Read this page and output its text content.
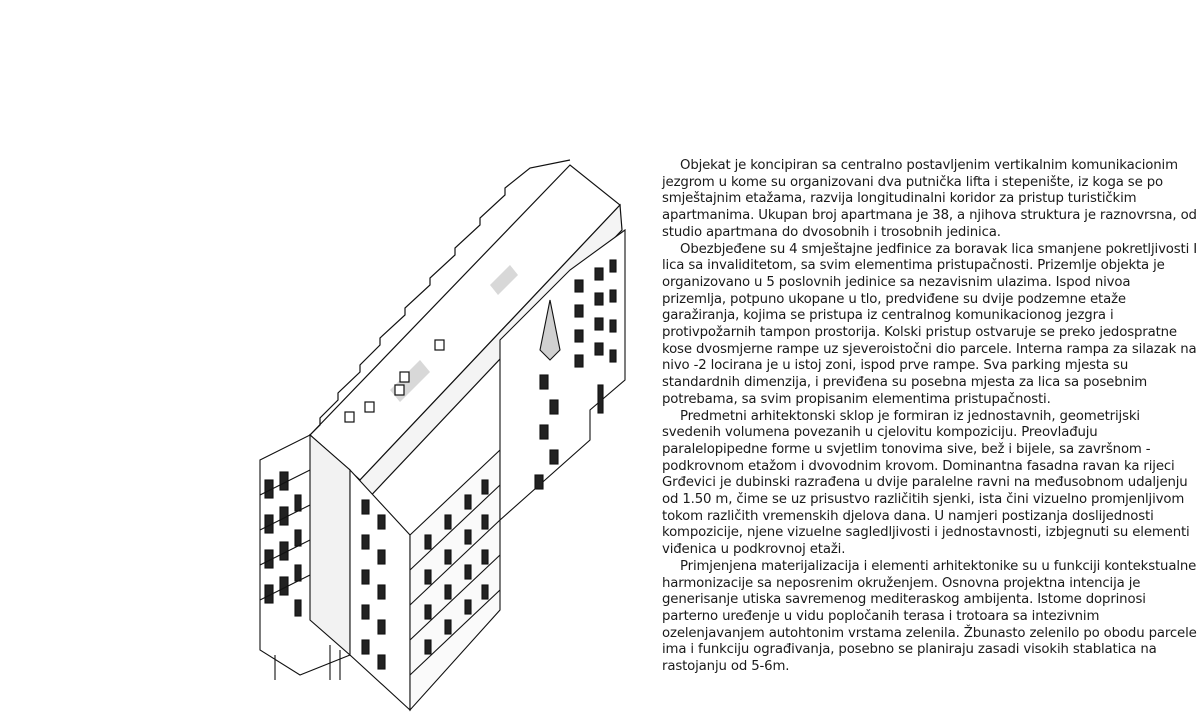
Objekat je koncipiran sa centralno postavljenim vertikalnim komunikacionim jezgrom u kome su organizovani dva putnička lifta i stepenište, iz koga se po smještajnim etažama, razvija longitudinalni koridor za pristup turističkim apartmanima. Ukupan broj apartmana je 38, a njihova struktura je raznovrsna, od studio apartmana do dvosobnih i trosobnih jedinica.

Obezbjeđene su 4 smještajne jedfinice za boravak lica smanjene pokretljivosti I lica sa invaliditetom, sa svim elementima pristupačnosti. Prizemlje objekta je organizovano u 5 poslovnih jedinice sa nezavisnim ulazima. Ispod nivoa prizemlja, potpuno ukopane u tlo, predviđene su dvije podzemne etaže garažiranja, kojima se pristupa iz centralnog komunikacionog jezgra i protivpožarnih tampon prostorija. Kolski pristup ostvaruje se preko jedospratne kose dvosmjerne rampe uz sjeveroistočni dio parcele. Interna rampa za silazak na nivo -2 locirana je u istoj zoni, ispod prve rampe. Sva parking mjesta su standardnih dimenzija, i previđena su posebna mjesta za lica sa posebnim potrebama, sa svim propisanim elementima pristupačnosti.

Predmetni arhitektonski sklop je formiran iz jednostavnih, geometrijski svedenih volumena povezanih u cjelovitu kompoziciju. Preovlađuju paralelopipedne forme u svjetlim tonovima sive, bež i bijele, sa završnom - podkrovnom etažom i dvovodnim krovom. Dominantna fasadna ravan ka rijeci Grđevici je dubinski razrađena u dvije paralelne ravni na međusobnom udaljenju od 1.50 m, čime se uz prisustvo različitih sjenki, ista čini vizuelno promjenljivom tokom različith vremenskih djelova dana. U namjeri postizanja doslijednosti kompozicije, njene vizuelne sagledljivosti i jednostavnosti, izbjegnuti su elementi viđenica u podkrovnoj etaži.

Primjenjena materijalizacija i elementi arhitektonike su u funkciji kontekstualne harmonizacije sa neposrenim okruženjem. Osnovna projektna intencija je generisanje utiska savremenog mediteraskog ambijenta. Istome doprinosi parterno uređenje u vidu popločanih terasa i trotoara sa intezivnim ozelenjavanjem autohtonim vrstama zelenila. Žbunasto zelenilo po obodu parcele ima i funkciju ograđivanja, posebno se planiraju zasadi visokih stablatica na rastojanju od 5-6m.
